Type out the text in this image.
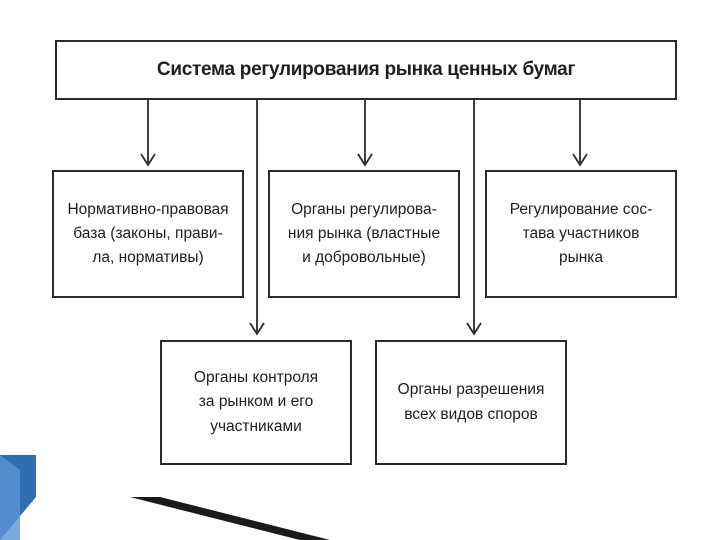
Система регулирования рынка ценных бумаг
Нормативно-правовая
база (законы, прави-
ла, нормативы)
Органы регулирова-
ния рынка (властные
и добровольные)
Регулирование сос-
тава участников
рынка
Органы контроля
за рынком и его
участниками
Органы разрешения
всех видов споров
